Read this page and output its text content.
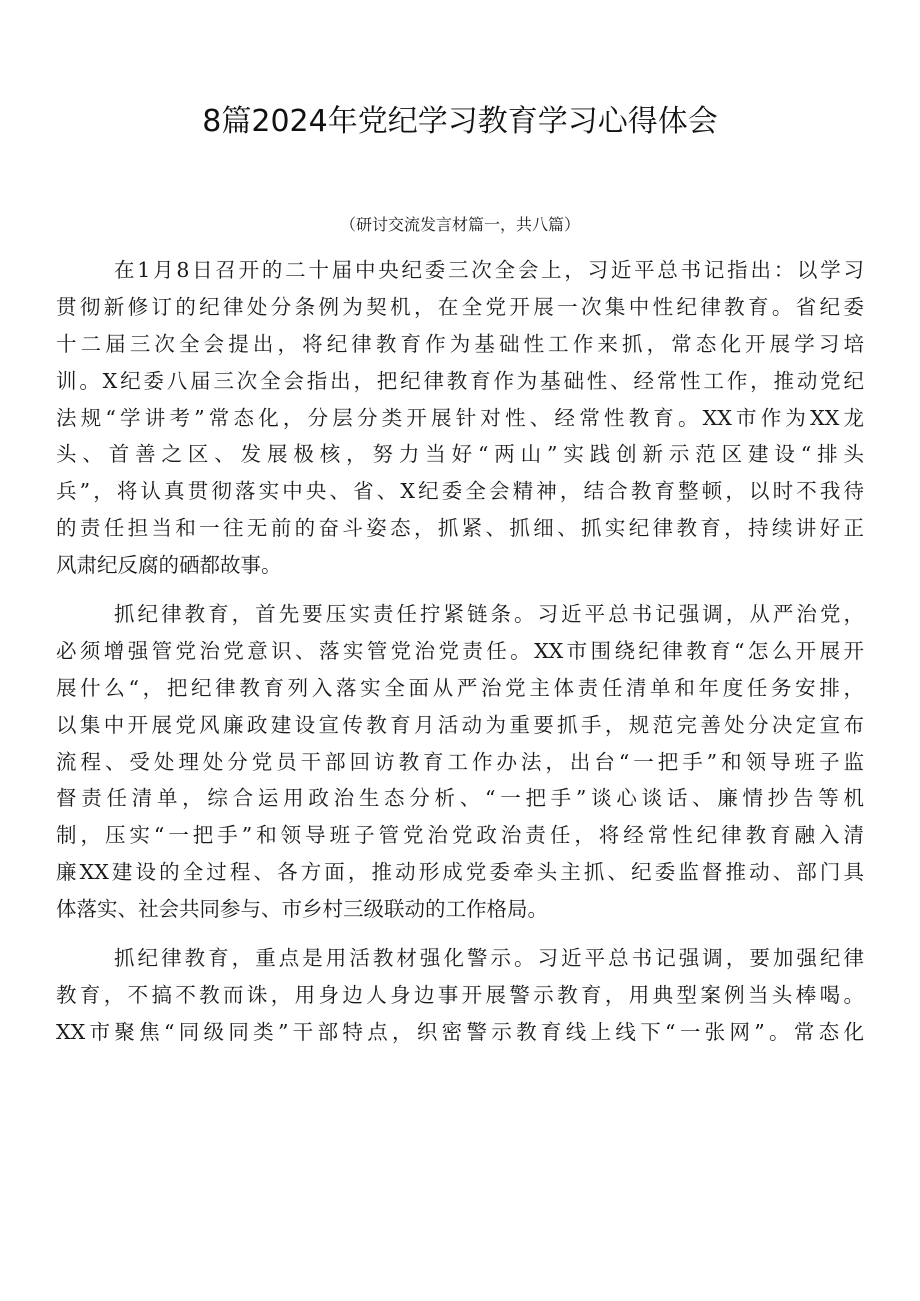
8篇2024年党纪学习教育学习心得体会
（研讨交流发言材篇一，共八篇）
在1月8日召开的二十届中央纪委三次全会上，习近平总书记指出：以学习
贯彻新修订的纪律处分条例为契机，在全党开展一次集中性纪律教育。省纪委
十二届三次全会提出，将纪律教育作为基础性工作来抓，常态化开展学习培
训。X纪委八届三次全会指出，把纪律教育作为基础性、经常性工作，推动党纪
法规“学讲考”常态化，分层分类开展针对性、经常性教育。XX市作为XX龙
头、首善之区、发展极核，努力当好“两山”实践创新示范区建设“排头
兵”，将认真贯彻落实中央、省、X纪委全会精神，结合教育整顿，以时不我待
的责任担当和一往无前的奋斗姿态，抓紧、抓细、抓实纪律教育，持续讲好正
风肃纪反腐的硒都故事。
抓纪律教育，首先要压实责任拧紧链条。习近平总书记强调，从严治党，
必须增强管党治党意识、落实管党治党责任。XX市围绕纪律教育“怎么开展开
展什么“，把纪律教育列入落实全面从严治党主体责任清单和年度任务安排，
以集中开展党风廉政建设宣传教育月活动为重要抓手，规范完善处分决定宣布
流程、受处理处分党员干部回访教育工作办法，出台“一把手”和领导班子监
督责任清单，综合运用政治生态分析、“一把手”谈心谈话、廉情抄告等机
制，压实“一把手”和领导班子管党治党政治责任，将经常性纪律教育融入清
廉XX建设的全过程、各方面，推动形成党委牵头主抓、纪委监督推动、部门具
体落实、社会共同参与、市乡村三级联动的工作格局。
抓纪律教育，重点是用活教材强化警示。习近平总书记强调，要加强纪律
教育，不搞不教而诛，用身边人身边事开展警示教育，用典型案例当头棒喝。
XX市聚焦“同级同类”干部特点，织密警示教育线上线下“一张网”。常态化
